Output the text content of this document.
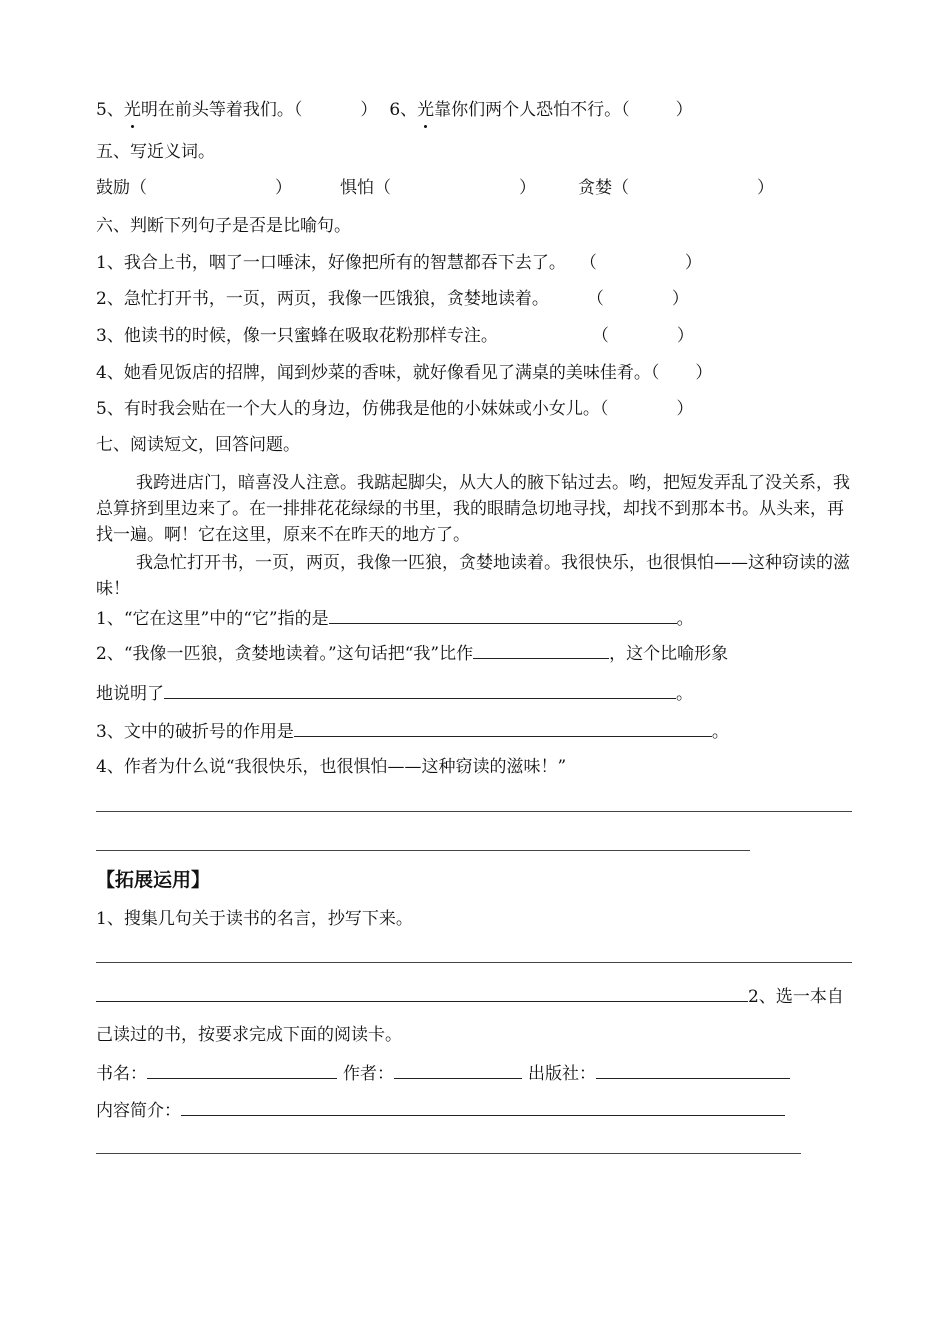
5、光明在前头等着我们。（	） 6、光靠你们两个人恐怕不行。（	）
五、写近义词。
鼓励（	）	惧怕（	） 贪婪（	）
六、判断下列句子是否是比喻句。
1、我合上书，咽了一口唾沫，好像把所有的智慧都吞下去了。 （	）
2、急忙打开书，一页，两页，我像一匹饿狼，贪婪地读着。 （	）
3、他读书的时候，像一只蜜蜂在吸取花粉那样专注。	（	）
4、她看见饭店的招牌，闻到炒菜的香味，就好像看见了满桌的美味佳肴。（ ）
5、有时我会贴在一个大人的身边，仿佛我是他的小妹妹或小女儿。（	）
七、阅读短文，回答问题。
我跨进店门，暗喜没人注意。我踮起脚尖，从大人的腋下钻过去。哟，把短发弄乱了没关系，我总算挤到里边来了。在一排排花花绿绿的书里，我的眼睛急切地寻找，却找不到那本书。从头来，再找一遍。啊！它在这里，原来不在昨天的地方了。
我急忙打开书，一页，两页，我像一匹狼，贪婪地读着。我很快乐，也很惧怕——这种窃读的滋味！
1、“它在这里”中的“它”指的是	。
2、“我像一匹狼，贪婪地读着。”这句话把“我”比作	，这个比喻形象
地说明了	。
3、文中的破折号的作用是	。
4、作者为什么说“我很快乐，也很惧怕——这种窃读的滋味！”
【拓展运用】
1、搜集几句关于读书的名言，抄写下来。
2、选一本自
己读过的书，按要求完成下面的阅读卡。
书名：	作者：	出版社：
内容简介：
